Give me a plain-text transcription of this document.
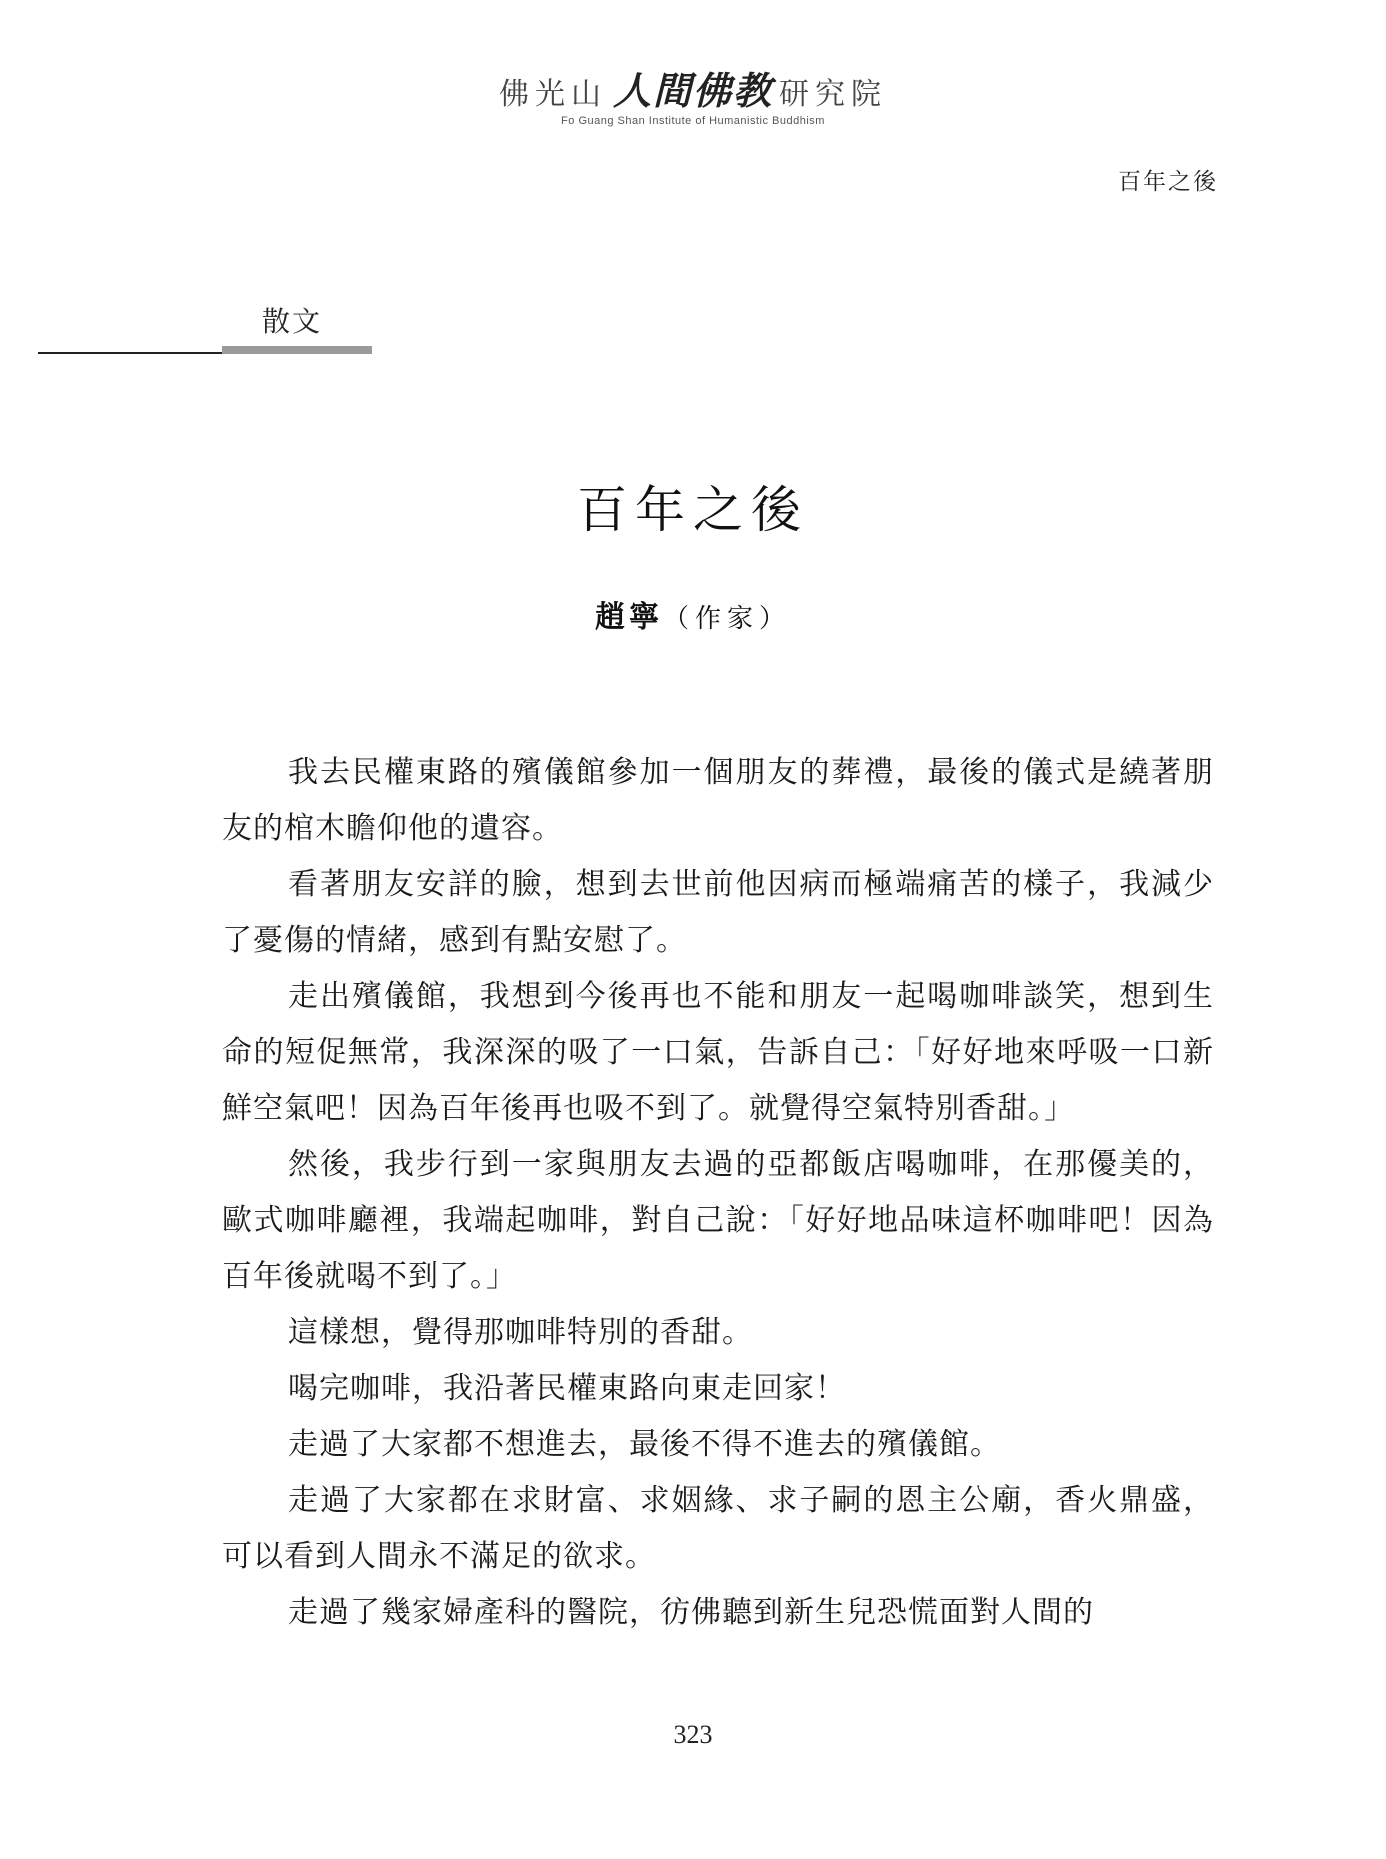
佛光山 人間佛教 研究院
Fo Guang Shan Institute of Humanistic Buddhism
百年之後
散文
百年之後
趙寧（作家）

我去民權東路的殯儀館參加一個朋友的葬禮，最後的儀式是繞著朋友的棺木瞻仰他的遺容。

看著朋友安詳的臉，想到去世前他因病而極端痛苦的樣子，我減少了憂傷的情緒，感到有點安慰了。

走出殯儀館，我想到今後再也不能和朋友一起喝咖啡談笑，想到生命的短促無常，我深深的吸了一口氣，告訴自己：「好好地來呼吸一口新鮮空氣吧！因為百年後再也吸不到了。就覺得空氣特別香甜。」

然後，我步行到一家與朋友去過的亞都飯店喝咖啡，在那優美的，歐式咖啡廳裡，我端起咖啡，對自己說：「好好地品味這杯咖啡吧！因為百年後就喝不到了。」

這樣想，覺得那咖啡特別的香甜。

喝完咖啡，我沿著民權東路向東走回家！

走過了大家都不想進去，最後不得不進去的殯儀館。

走過了大家都在求財富、求姻緣、求子嗣的恩主公廟，香火鼎盛，可以看到人間永不滿足的欲求。

走過了幾家婦產科的醫院，彷佛聽到新生兒恐慌面對人間的

323
